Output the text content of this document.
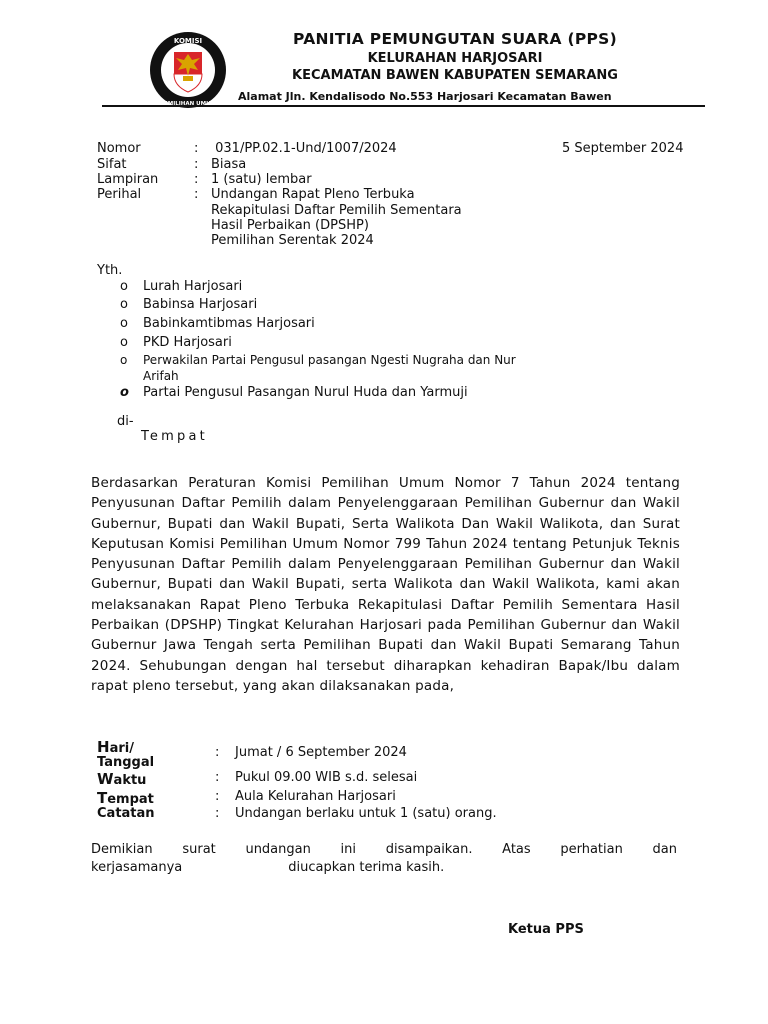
KOMISI
PEMILIHAN UMUM
PANITIA PEMUNGUTAN SUARA (PPS)
KELURAHAN HARJOSARI
KECAMATAN BAWEN KABUPATEN SEMARANG
Alamat Jln. Kendalisodo No.553 Harjosari Kecamatan Bawen
Nomor	: 031/PP.02.1-Und/1007/2024
Sifat	: Biasa
Lampiran	: 1 (satu) lembar
Perihal	: Undangan Rapat Pleno Terbuka
Rekapitulasi Daftar Pemilih Sementara
Hasil Perbaikan (DPSHP)
Pemilihan Serentak 2024
5 September 2024
Yth.
o	Lurah Harjosari
o	Babinsa Harjosari
o	Babinkamtibmas Harjosari
o	PKD Harjosari
o	Perwakilan Partai Pengusul pasangan Ngesti Nugraha dan Nur
Arifah
o	Partai Pengusul Pasangan Nurul Huda dan Yarmuji
di-
Tempat
Berdasarkan Peraturan Komisi Pemilihan Umum Nomor 7 Tahun 2024 tentang Penyusunan Daftar Pemilih dalam Penyelenggaraan Pemilihan Gubernur dan Wakil Gubernur, Bupati dan Wakil Bupati, Serta Walikota Dan Wakil Walikota, dan Surat Keputusan Komisi Pemilihan Umum Nomor 799 Tahun 2024 tentang Petunjuk Teknis Penyusunan Daftar Pemilih dalam Penyelenggaraan Pemilihan Gubernur dan Wakil Gubernur, Bupati dan Wakil Bupati, serta Walikota dan Wakil Walikota, kami akan melaksanakan Rapat Pleno Terbuka Rekapitulasi Daftar Pemilih Sementara Hasil Perbaikan (DPSHP) Tingkat Kelurahan Harjosari pada Pemilihan Gubernur dan Wakil Gubernur Jawa Tengah serta Pemilihan Bupati dan Wakil Bupati Semarang Tahun 2024. Sehubungan dengan hal tersebut diharapkan kehadiran Bapak/Ibu dalam rapat pleno tersebut, yang akan dilaksanakan pada,
Hari/
Tanggal
: Jumat / 6 September 2024
Waktu	: Pukul 09.00 WIB s.d. selesai
Tempat	: Aula Kelurahan Harjosari
Catatan	: Undangan berlaku untuk 1 (satu) orang.
Demikian surat undangan ini disampaikan. Atas perhatian dan
kerjasamanya	diucapkan terima kasih.
Ketua PPS
